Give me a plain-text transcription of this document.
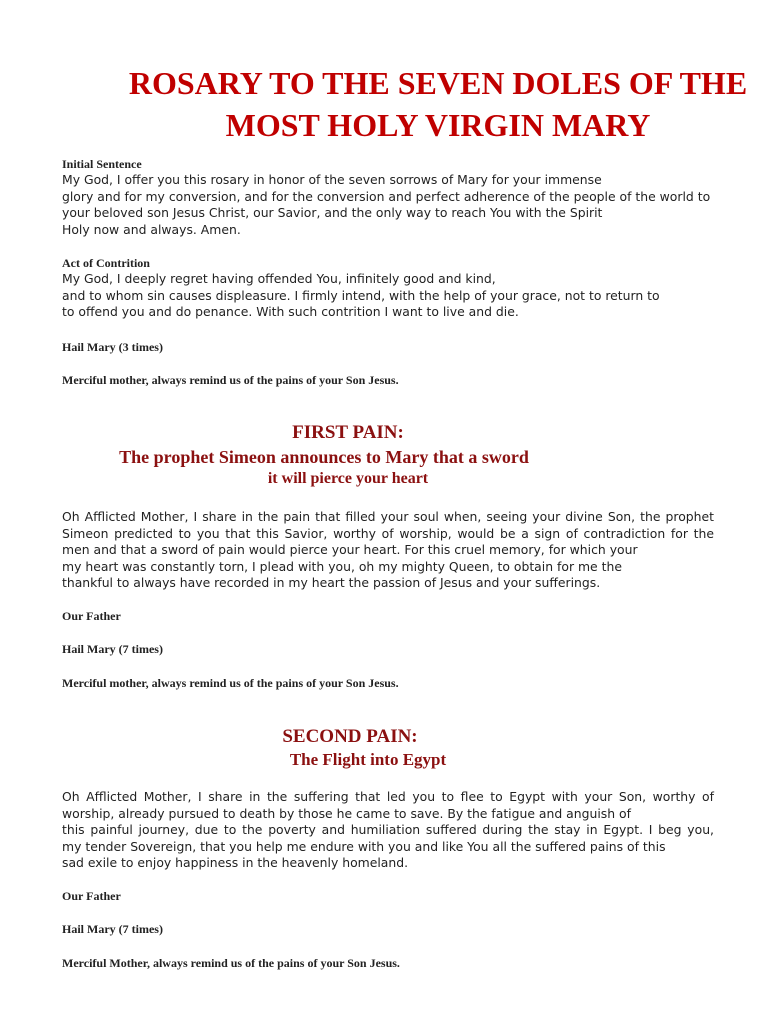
ROSARY TO THE SEVEN DOLES OF THE
MOST HOLY VIRGIN MARY
Initial Sentence

My God, I offer you this rosary in honor of the seven sorrows of Mary for your immense
glory and for my conversion, and for the conversion and perfect adherence of the people of the world to
your beloved son Jesus Christ, our Savior, and the only way to reach You with the Spirit
Holy now and always. Amen.

Act of Contrition

My God, I deeply regret having offended You, infinitely good and kind,
and to whom sin causes displeasure. I firmly intend, with the help of your grace, not to return to
to offend you and do penance. With such contrition I want to live and die.

Hail Mary (3 times)
Merciful mother, always remind us of the pains of your Son Jesus.
FIRST PAIN:
The prophet Simeon announces to Mary that a sword
it will pierce your heart

Oh Afflicted Mother, I share in the pain that filled your soul when, seeing your divine Son, the prophet
Simeon predicted to you that this Savior, worthy of worship, would be a sign of contradiction for the
men and that a sword of pain would pierce your heart. For this cruel memory, for which your
my heart was constantly torn, I plead with you, oh my mighty Queen, to obtain for me the
thankful to always have recorded in my heart the passion of Jesus and your sufferings.

Our Father
Hail Mary (7 times)
Merciful mother, always remind us of the pains of your Son Jesus.
SECOND PAIN:
The Flight into Egypt

Oh Afflicted Mother, I share in the suffering that led you to flee to Egypt with your Son, worthy of
worship, already pursued to death by those he came to save. By the fatigue and anguish of
this painful journey, due to the poverty and humiliation suffered during the stay in Egypt. I beg you,
my tender Sovereign, that you help me endure with you and like You all the suffered pains of this
sad exile to enjoy happiness in the heavenly homeland.

Our Father
Hail Mary (7 times)
Merciful Mother, always remind us of the pains of your Son Jesus.
